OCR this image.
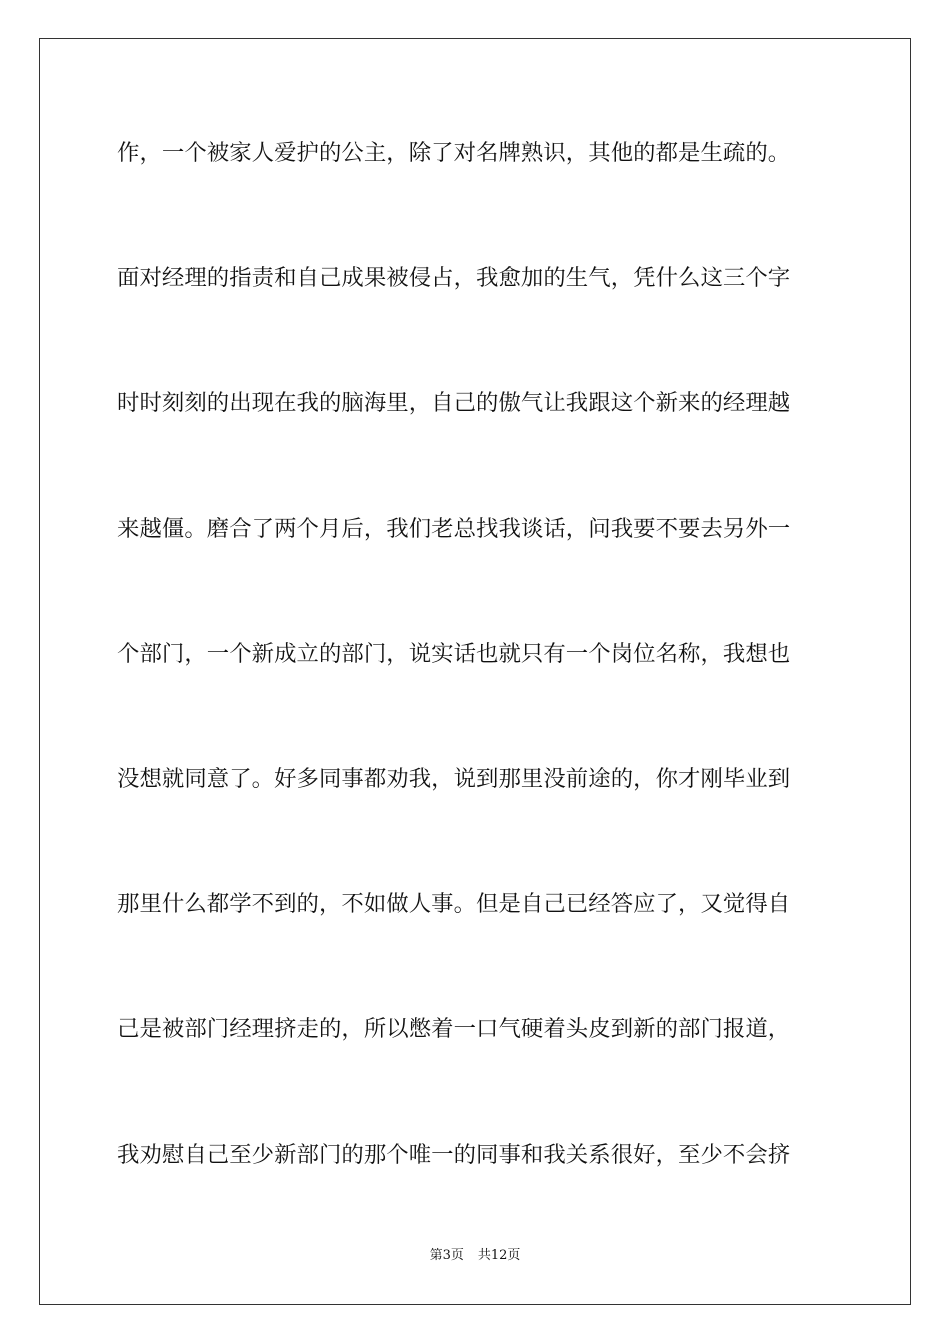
作，一个被家人爱护的公主，除了对名牌熟识，其他的都是生疏的。
面对经理的指责和自己成果被侵占，我愈加的生气，凭什么这三个字
时时刻刻的出现在我的脑海里，自己的傲气让我跟这个新来的经理越
来越僵。磨合了两个月后，我们老总找我谈话，问我要不要去另外一
个部门，一个新成立的部门，说实话也就只有一个岗位名称，我想也
没想就同意了。好多同事都劝我，说到那里没前途的，你才刚毕业到
那里什么都学不到的，不如做人事。但是自己已经答应了，又觉得自
己是被部门经理挤走的，所以憋着一口气硬着头皮到新的部门报道，
我劝慰自己至少新部门的那个唯一的同事和我关系很好，至少不会挤
第3页 共12页
